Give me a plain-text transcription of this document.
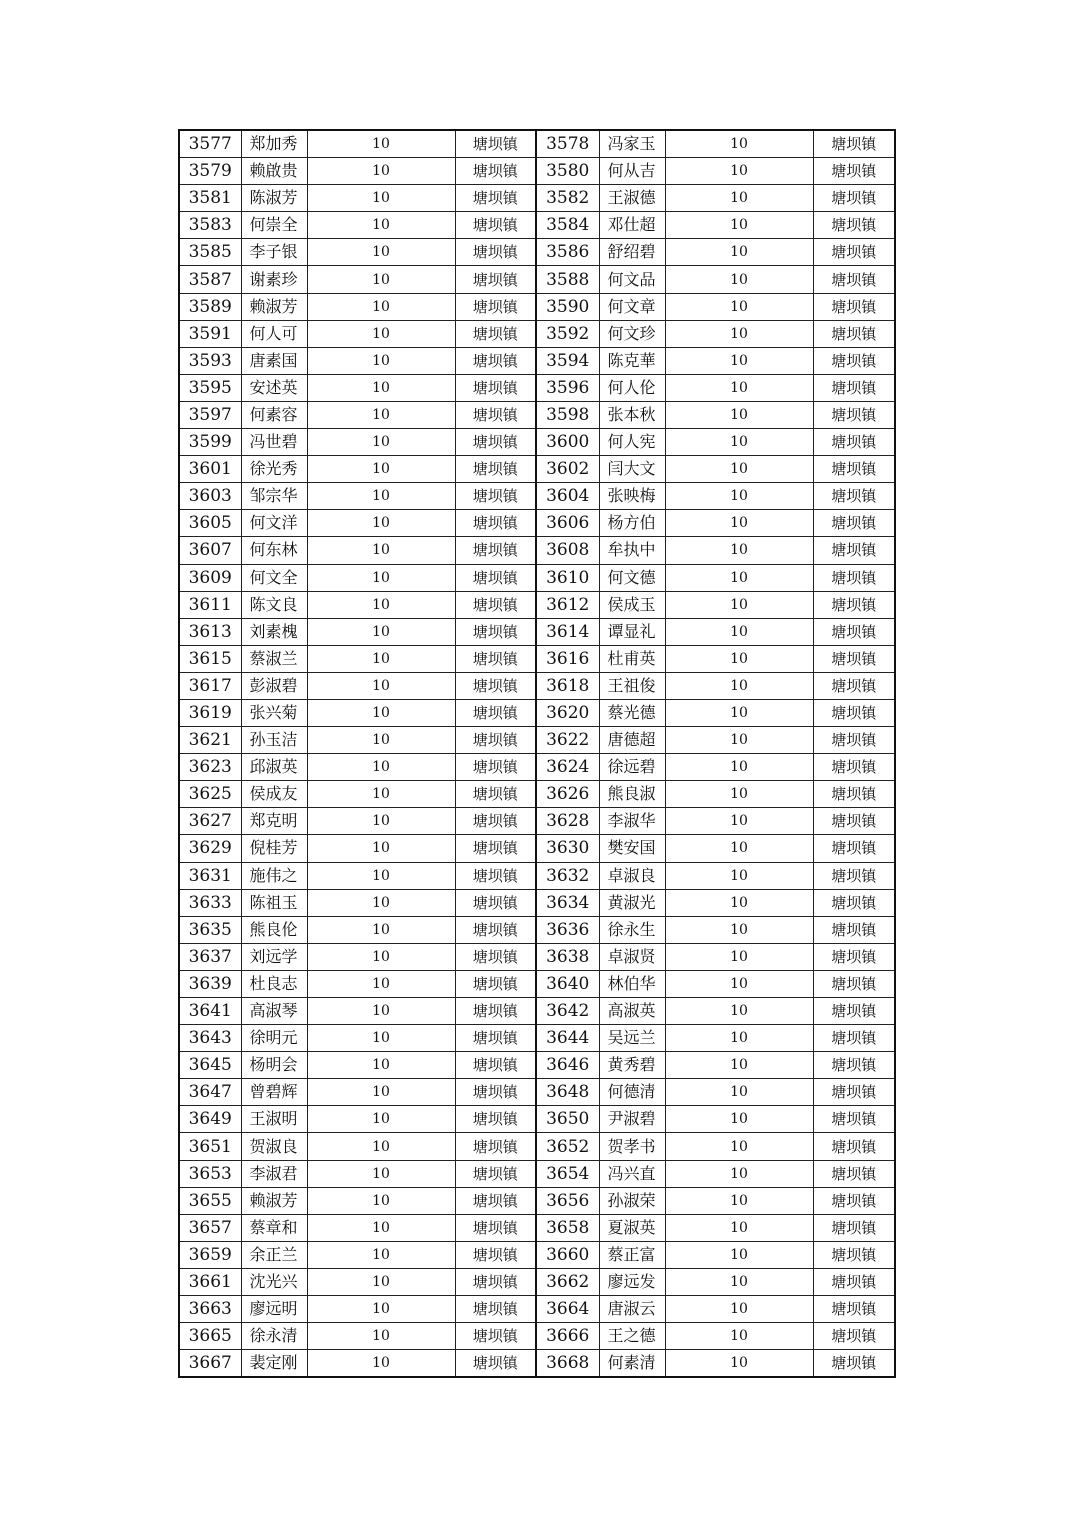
3577	郑加秀	10	塘坝镇	3578	冯家玉	10	塘坝镇
3579	赖啟贵	10	塘坝镇	3580	何从吉	10	塘坝镇
3581	陈淑芳	10	塘坝镇	3582	王淑德	10	塘坝镇
3583	何崇全	10	塘坝镇	3584	邓仕超	10	塘坝镇
3585	李子银	10	塘坝镇	3586	舒绍碧	10	塘坝镇
3587	谢素珍	10	塘坝镇	3588	何文品	10	塘坝镇
3589	赖淑芳	10	塘坝镇	3590	何文章	10	塘坝镇
3591	何人可	10	塘坝镇	3592	何文珍	10	塘坝镇
3593	唐素国	10	塘坝镇	3594	陈克華	10	塘坝镇
3595	安述英	10	塘坝镇	3596	何人伦	10	塘坝镇
3597	何素容	10	塘坝镇	3598	张本秋	10	塘坝镇
3599	冯世碧	10	塘坝镇	3600	何人宪	10	塘坝镇
3601	徐光秀	10	塘坝镇	3602	闫大文	10	塘坝镇
3603	邹宗华	10	塘坝镇	3604	张映梅	10	塘坝镇
3605	何文洋	10	塘坝镇	3606	杨方伯	10	塘坝镇
3607	何东林	10	塘坝镇	3608	牟执中	10	塘坝镇
3609	何文全	10	塘坝镇	3610	何文德	10	塘坝镇
3611	陈文良	10	塘坝镇	3612	侯成玉	10	塘坝镇
3613	刘素槐	10	塘坝镇	3614	谭显礼	10	塘坝镇
3615	蔡淑兰	10	塘坝镇	3616	杜甫英	10	塘坝镇
3617	彭淑碧	10	塘坝镇	3618	王祖俊	10	塘坝镇
3619	张兴菊	10	塘坝镇	3620	蔡光德	10	塘坝镇
3621	孙玉洁	10	塘坝镇	3622	唐德超	10	塘坝镇
3623	邱淑英	10	塘坝镇	3624	徐远碧	10	塘坝镇
3625	侯成友	10	塘坝镇	3626	熊良淑	10	塘坝镇
3627	郑克明	10	塘坝镇	3628	李淑华	10	塘坝镇
3629	倪桂芳	10	塘坝镇	3630	樊安国	10	塘坝镇
3631	施伟之	10	塘坝镇	3632	卓淑良	10	塘坝镇
3633	陈祖玉	10	塘坝镇	3634	黄淑光	10	塘坝镇
3635	熊良伦	10	塘坝镇	3636	徐永生	10	塘坝镇
3637	刘远学	10	塘坝镇	3638	卓淑贤	10	塘坝镇
3639	杜良志	10	塘坝镇	3640	林伯华	10	塘坝镇
3641	高淑琴	10	塘坝镇	3642	高淑英	10	塘坝镇
3643	徐明元	10	塘坝镇	3644	吴远兰	10	塘坝镇
3645	杨明会	10	塘坝镇	3646	黄秀碧	10	塘坝镇
3647	曾碧辉	10	塘坝镇	3648	何德清	10	塘坝镇
3649	王淑明	10	塘坝镇	3650	尹淑碧	10	塘坝镇
3651	贺淑良	10	塘坝镇	3652	贺孝书	10	塘坝镇
3653	李淑君	10	塘坝镇	3654	冯兴直	10	塘坝镇
3655	赖淑芳	10	塘坝镇	3656	孙淑荣	10	塘坝镇
3657	蔡章和	10	塘坝镇	3658	夏淑英	10	塘坝镇
3659	余正兰	10	塘坝镇	3660	蔡正富	10	塘坝镇
3661	沈光兴	10	塘坝镇	3662	廖远发	10	塘坝镇
3663	廖远明	10	塘坝镇	3664	唐淑云	10	塘坝镇
3665	徐永清	10	塘坝镇	3666	王之德	10	塘坝镇
3667	裴定刚	10	塘坝镇	3668	何素清	10	塘坝镇
